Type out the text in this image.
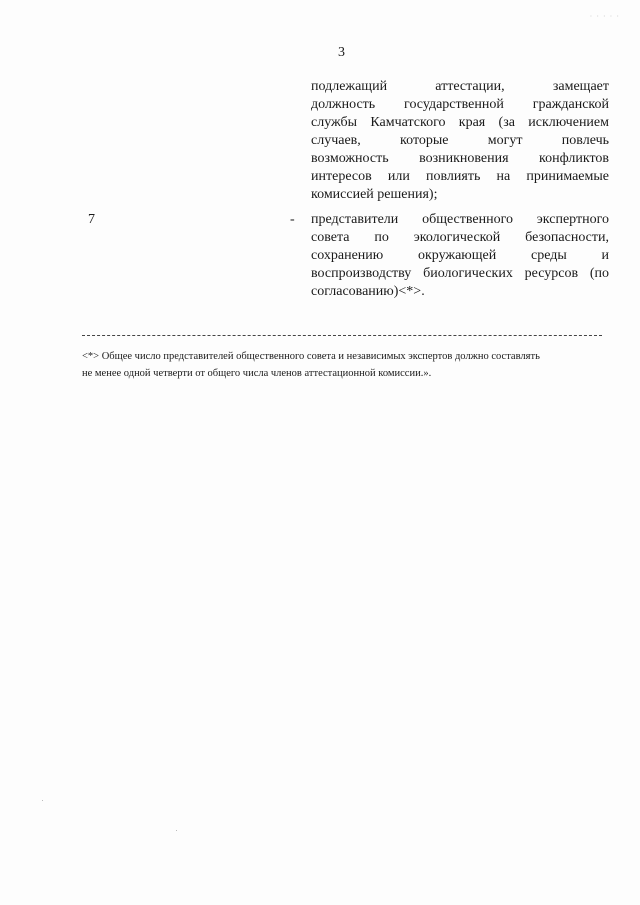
· · · · ·
3
подлежащий аттестации, замещает
должность государственной гражданской
службы Камчатского края (за исключением
случаев, которые могут повлечь
возможность возникновения конфликтов
интересов или повлиять на принимаемые
комиссией решения);
7	- представители общественного экспертного
совета по экологической безопасности,
сохранению окружающей среды и
воспроизводству биологических ресурсов (по
согласованию)<*>.
<*> Общее число представителей общественного совета и независимых экспертов должно составлять
не менее одной четверти от общего числа членов аттестационной комиссии.».
